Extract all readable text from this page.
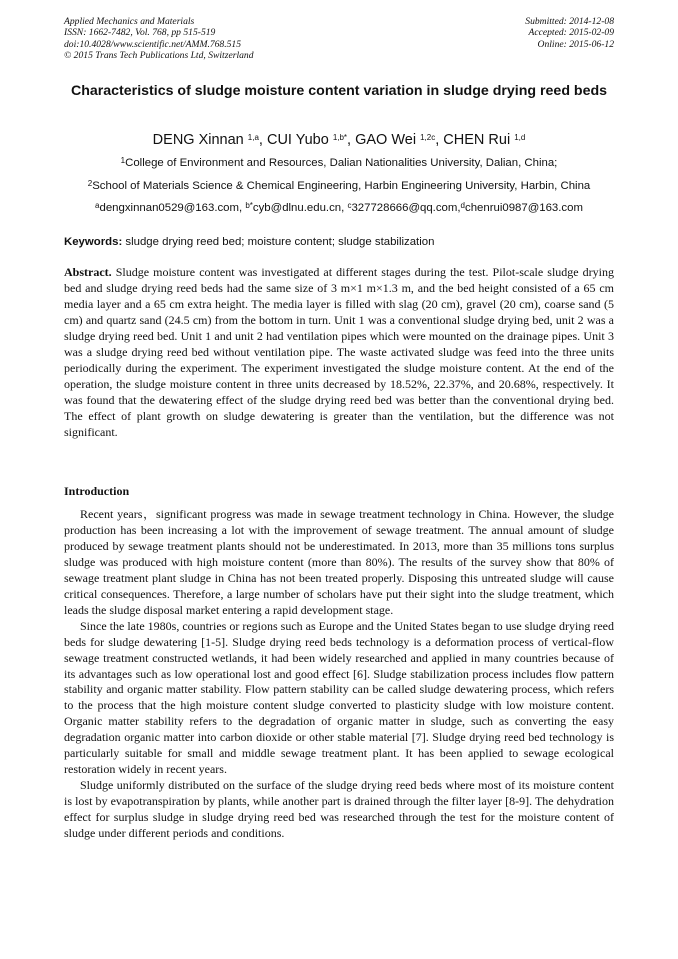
Applied Mechanics and Materials
ISSN: 1662-7482, Vol. 768, pp 515-519
doi:10.4028/www.scientific.net/AMM.768.515
© 2015 Trans Tech Publications Ltd, Switzerland
Submitted: 2014-12-08
Accepted: 2015-02-09
Online: 2015-06-12
Characteristics of sludge moisture content variation in sludge drying reed beds
DENG Xinnan $^{1,a}$, CUI Yubo $^{1,b*}$, GAO Wei $^{1,2c}$, CHEN Rui $^{1,d}$
$^1$College of Environment and Resources, Dalian Nationalities University, Dalian, China;
$^2$School of Materials Science & Chemical Engineering, Harbin Engineering University, Harbin, China
$^a$dengxinnan0529@163.com, $^{b*}$cyb@dlnu.edu.cn, $^c$327728666@qq.com,$^d$chenrui0987@163.com
Keywords: sludge drying reed bed; moisture content; sludge stabilization

Abstract. Sludge moisture content was investigated at different stages during the test. Pilot-scale sludge drying bed and sludge drying reed beds had the same size of 3 m×1 m×1.3 m, and the bed height consisted of a 65 cm media layer and a 65 cm extra height. The media layer is filled with slag (20 cm), gravel (20 cm), coarse sand (5 cm) and quartz sand (24.5 cm) from the bottom in turn. Unit 1 was a conventional sludge drying bed, unit 2 was a sludge drying reed bed. Unit 1 and unit 2 had ventilation pipes which were mounted on the drainage pipes. Unit 3 was a sludge drying reed bed without ventilation pipe. The waste activated sludge was feed into the three units periodically during the experiment. The experiment investigated the sludge moisture content. At the end of the operation, the sludge moisture content in three units decreased by 18.52%, 22.37%, and 20.68%, respectively. It was found that the dewatering effect of the sludge drying reed bed was better than the conventional drying bed. The effect of plant growth on sludge dewatering is greater than the ventilation, but the difference was not significant.

Introduction

Recent years，significant progress was made in sewage treatment technology in China. However, the sludge production has been increasing a lot with the improvement of sewage treatment. The annual amount of sludge produced by sewage treatment plants should not be underestimated. In 2013, more than 35 millions tons surplus sludge was produced with high moisture content (more than 80%). The results of the survey show that 80% of sewage treatment plant sludge in China has not been treated properly. Disposing this untreated sludge will cause critical consequences. Therefore, a large number of scholars have put their sight into the sludge treatment, which leads the sludge disposal market entering a rapid development stage.

Since the late 1980s, countries or regions such as Europe and the United States began to use sludge drying reed beds for sludge dewatering [1-5]. Sludge drying reed beds technology is a deformation process of vertical-flow sewage treatment constructed wetlands, it had been widely researched and applied in many countries because of its advantages such as low operational lost and good effect [6]. Sludge stabilization process includes flow pattern stability and organic matter stability. Flow pattern stability can be called sludge dewatering process, which refers to the process that the high moisture content sludge converted to plasticity sludge with low moisture content. Organic matter stability refers to the degradation of organic matter in sludge, such as converting the easy degradation organic matter into carbon dioxide or other stable material [7]. Sludge drying reed bed technology is particularly suitable for small and middle sewage treatment plant. It has been applied to sewage ecological restoration widely in recent years.

Sludge uniformly distributed on the surface of the sludge drying reed beds where most of its moisture content is lost by evapotranspiration by plants, while another part is drained through the filter layer [8-9]. The dehydration effect for surplus sludge in sludge drying reed bed was researched through the test for the moisture content of sludge under different periods and conditions.
